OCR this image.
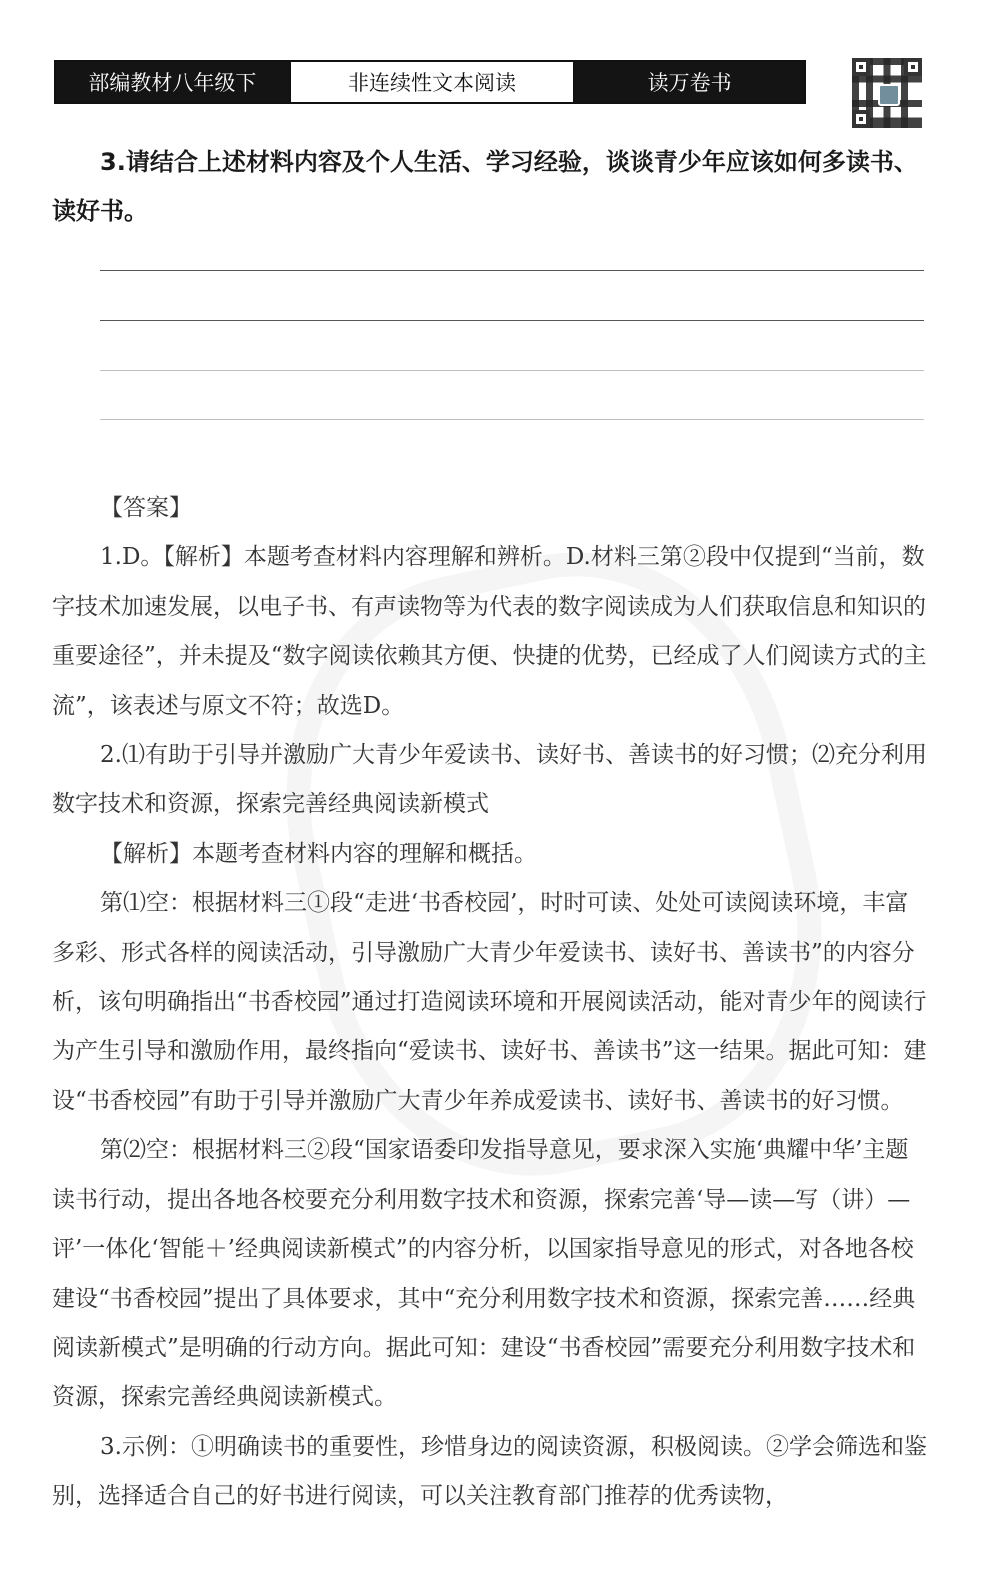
部编教材八年级下	非连续性文本阅读	读万卷书

3.请结合上述材料内容及个人生活、学习经验，谈谈青少年应该如何多读书、读好书。

【答案】

1.D。【解析】本题考查材料内容理解和辨析。D.材料三第②段中仅提到“当前，数字技术加速发展，以电子书、有声读物等为代表的数字阅读成为人们获取信息和知识的重要途径”，并未提及“数字阅读依赖其方便、快捷的优势，已经成了人们阅读方式的主流”，该表述与原文不符；故选D。

2.⑴有助于引导并激励广大青少年爱读书、读好书、善读书的好习惯；⑵充分利用数字技术和资源，探索完善经典阅读新模式

【解析】本题考查材料内容的理解和概括。

第⑴空：根据材料三①段“走进‘书香校园’，时时可读、处处可读阅读环境，丰富多彩、形式各样的阅读活动，引导激励广大青少年爱读书、读好书、善读书”的内容分析，该句明确指出“书香校园”通过打造阅读环境和开展阅读活动，能对青少年的阅读行为产生引导和激励作用，最终指向“爱读书、读好书、善读书”这一结果。据此可知：建设“书香校园”有助于引导并激励广大青少年养成爱读书、读好书、善读书的好习惯。

第⑵空：根据材料三②段“国家语委印发指导意见，要求深入实施‘典耀中华’主题读书行动，提出各地各校要充分利用数字技术和资源，探索完善‘导—读—写（讲）—评’一体化‘智能＋’经典阅读新模式”的内容分析，以国家指导意见的形式，对各地各校建设“书香校园”提出了具体要求，其中“充分利用数字技术和资源，探索完善……经典阅读新模式”是明确的行动方向。据此可知：建设“书香校园”需要充分利用数字技术和资源，探索完善经典阅读新模式。

3.示例：①明确读书的重要性，珍惜身边的阅读资源，积极阅读。②学会筛选和鉴别，选择适合自己的好书进行阅读，可以关注教育部门推荐的优秀读物，
